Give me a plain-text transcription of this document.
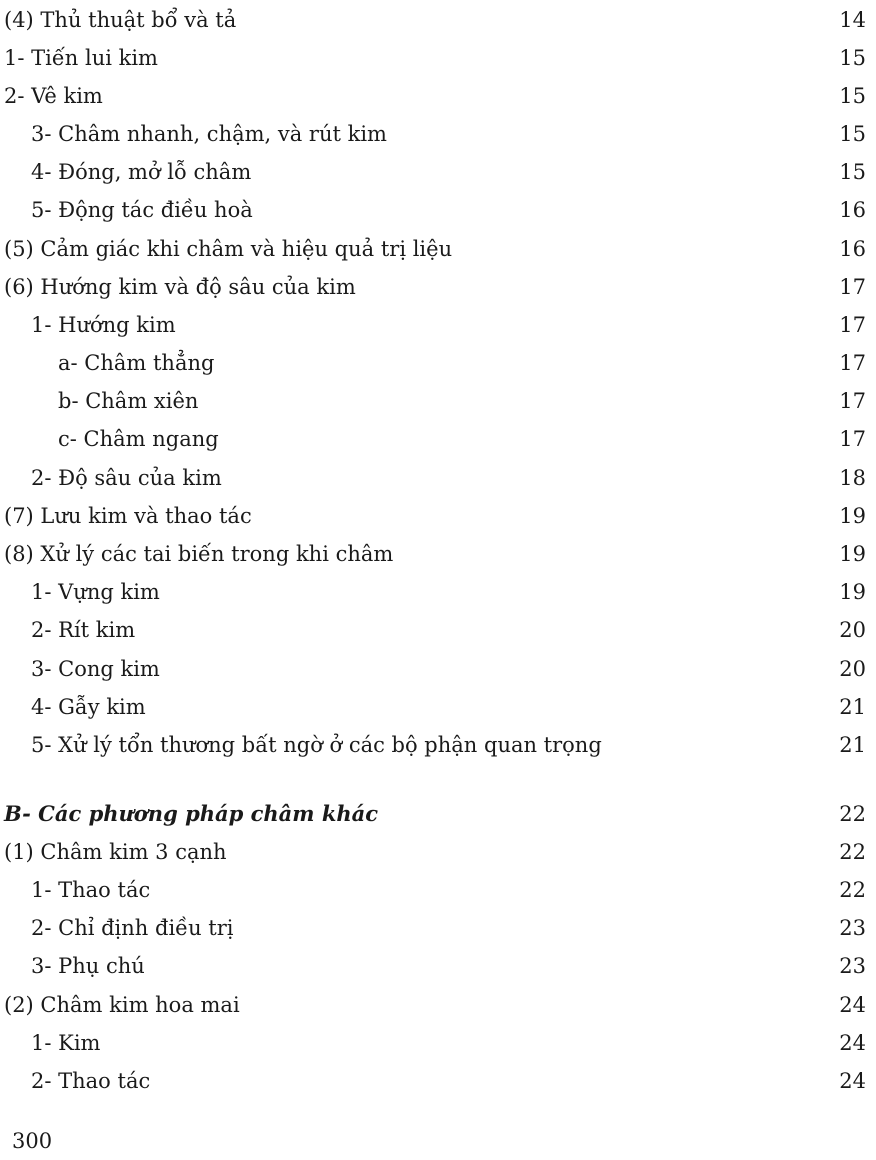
(4) Thủ thuật bổ và tả	14
1- Tiến lui kim	15
2- Vê kim	15
3- Châm nhanh, chậm, và rút kim	15
4- Đóng, mở lỗ châm	15
5- Động tác điều hoà	16
(5) Cảm giác khi châm và hiệu quả trị liệu	16
(6) Hướng kim và độ sâu của kim	17
1- Hướng kim	17
a- Châm thẳng	17
b- Châm xiên	17
c- Châm ngang	17
2- Độ sâu của kim	18
(7) Lưu kim và thao tác	19
(8) Xử lý các tai biến trong khi châm	19
1- Vựng kim	19
2- Rít kim	20
3- Cong kim	20
4- Gẫy kim	21
5- Xử lý tổn thương bất ngờ ở các bộ phận quan trọng	21
B- Các phương pháp châm khác	22
(1) Châm kim 3 cạnh	22
1- Thao tác	22
2- Chỉ định điều trị	23
3- Phụ chú	23
(2) Châm kim hoa mai	24
1- Kim	24
2- Thao tác	24
300
